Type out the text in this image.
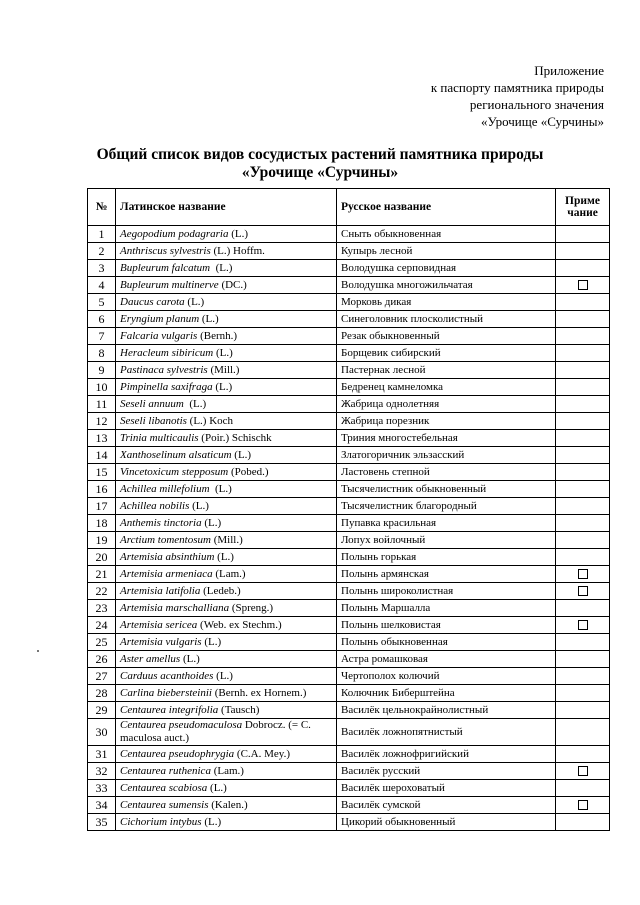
Приложение
к паспорту памятника природы
регионального значения
«Урочище «Сурчины»
Общий список видов сосудистых растений памятника природы
«Урочище «Сурчины»
№	Латинское название	Русское название	Приме чание
1	Aegopodium podagraria (L.)	Сныть обыкновенная	
2	Anthriscus sylvestris (L.) Hoffm.	Купырь лесной	
3	Bupleurum falcatum  (L.)	Володушка серповидная	
4	Bupleurum multinerve (DC.)	Володушка многожильчатая	
5	Daucus carota (L.)	Морковь дикая	
6	Eryngium planum (L.)	Синеголовник плосколистный	
7	Falcaria vulgaris (Bernh.)	Резак обыкновенный	
8	Heracleum sibiricum (L.)	Борщевик сибирский	
9	Pastinaca sylvestris (Mill.)	Пастернак лесной	
10	Pimpinella saxifraga (L.)	Бедренец камнеломка	
11	Seseli annuum  (L.)	Жабрица однолетняя	
12	Seseli libanotis (L.) Koch	Жабрица порезник	
13	Trinia multicaulis (Poir.) Schischk	Триния многостебельная	
14	Xanthoselinum alsaticum (L.)	Златогоричник эльзасский	
15	Vincetoxicum stepposum (Pobed.)	Ластовень степной	
16	Achillea millefolium  (L.)	Тысячелистник обыкновенный	
17	Achillea nobilis (L.)	Тысячелистник благородный	
18	Anthemis tinctoria (L.)	Пупавка красильная	
19	Arctium tomentosum (Mill.)	Лопух войлочный	
20	Artemisia absinthium (L.)	Полынь горькая	
21	Artemisia armeniaca (Lam.)	Полынь армянская	
22	Artemisia latifolia (Ledeb.)	Полынь широколистная	
23	Artemisia marschalliana (Spreng.)	Полынь Маршалла	
24	Artemisia sericea (Web. ex Stechm.)	Полынь шелковистая	
25	Artemisia vulgaris (L.)	Полынь обыкновенная	
26	Aster amellus (L.)	Астра ромашковая	
27	Carduus acanthoides (L.)	Чертополох колючий	
28	Carlina biebersteinii (Bernh. ex Hornem.)	Колючник Биберштейна	
29	Centaurea integrifolia (Tausch)	Василёк цельнокрайнолистный	
30	Centaurea pseudomaculosa Dobrocz. (= C. maculosa auct.)	Василёк ложнопятнистый	
31	Centaurea pseudophrygia (C.A. Mey.)	Василёк ложнофригийский	
32	Centaurea ruthenica (Lam.)	Василёк русский	
33	Centaurea scabiosa (L.)	Василёк шероховатый	
34	Centaurea sumensis (Kalen.)	Василёк сумской	
35	Cichorium intybus (L.)	Цикорий обыкновенный	
